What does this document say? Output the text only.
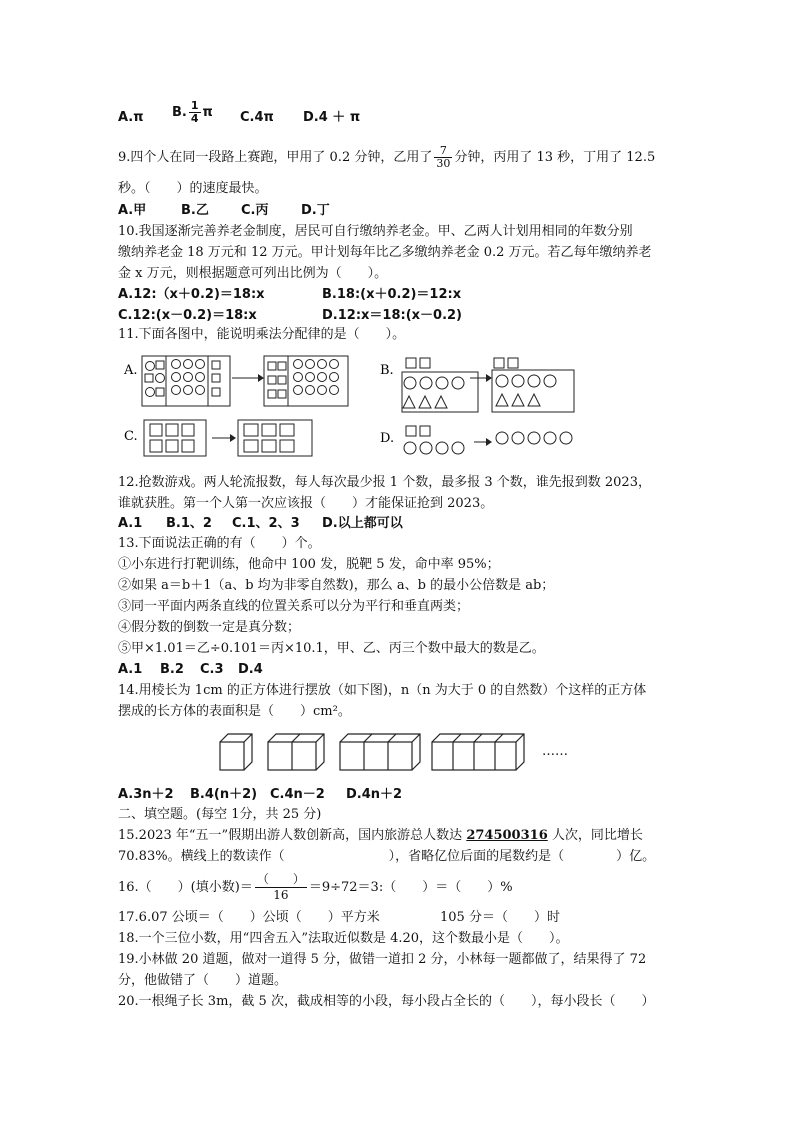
A.π B. $\frac{1}{4}$ π C.4π D.4 ＋ π
9.四个人在同一段路上赛跑，甲用了 0.2 分钟，乙用了 $\frac{7}{30}$ 分钟，丙用了 13 秒，丁用了 12.5
秒。（　　）的速度最快。
A.甲	B.乙 C.丙	D.丁
10.我国逐渐完善养老金制度，居民可自行缴纳养老金。甲、乙两人计划用相同的年数分别
缴纳养老金 18 万元和 12 万元。甲计划每年比乙多缴纳养老金 0.2 万元。若乙每年缴纳养老
金 x 万元，则根据题意可列出比例为（　　）。
A.12:（x＋0.2)＝18:x	B.18:(x＋0.2)＝12:x
C.12:(x－0.2)＝18:x	D.12:x＝18:(x－0.2)
11.下面各图中，能说明乘法分配律的是（　　）。
A.	B.
C.	D.
12.抢数游戏。两人轮流报数，每人每次最少报 1 个数，最多报 3 个数，谁先报到数 2023，
谁就获胜。第一个人第一次应该报（　　）才能保证抢到 2023。
A.1 B.1、2 C.1、2、3 D.以上都可以
13.下面说法正确的有（　　）个。
①小东进行打靶训练，他命中 100 发，脱靶 5 发，命中率 95%；
②如果 a＝b＋1（a、b 均为非零自然数)，那么 a、b 的最小公倍数是 ab；
③同一平面内两条直线的位置关系可以分为平行和垂直两类；
④假分数的倒数一定是真分数；
⑤甲×1.01＝乙÷0.101＝丙×10.1，甲、乙、丙三个数中最大的数是乙。
A.1 B.2 C.3 D.4
14.用棱长为 1cm 的正方体进行摆放（如下图)，n（n 为大于 0 的自然数）个这样的正方体
摆成的长方体的表面积是（　　）cm²。
……
A.3n＋2 B.4(n＋2) C.4n－2 D.4n＋2
二、填空题。(每空 1分，共 25 分)
15.2023 年“五一”假期出游人数创新高，国内旅游总人数达 274500316 人次，同比增长
70.83%。横线上的数读作（　　　　　　　　），省略亿位后面的尾数约是（　　　　）亿。
16.（　　）(填小数)＝ $\frac{( )}{16}$ ＝9÷72＝3:（　　）＝（　　）%
17.6.07 公顷＝（　　）公顷（　　）平方米	105 分＝（　　）时
18.一个三位小数，用“四舍五入”法取近似数是 4.20，这个数最小是（　　）。
19.小林做 20 道题，做对一道得 5 分，做错一道扣 2 分，小林每一题都做了，结果得了 72
分，他做错了（　　）道题。
20.一根绳子长 3m，截 5 次，截成相等的小段，每小段占全长的（　　），每小段长（　　）
